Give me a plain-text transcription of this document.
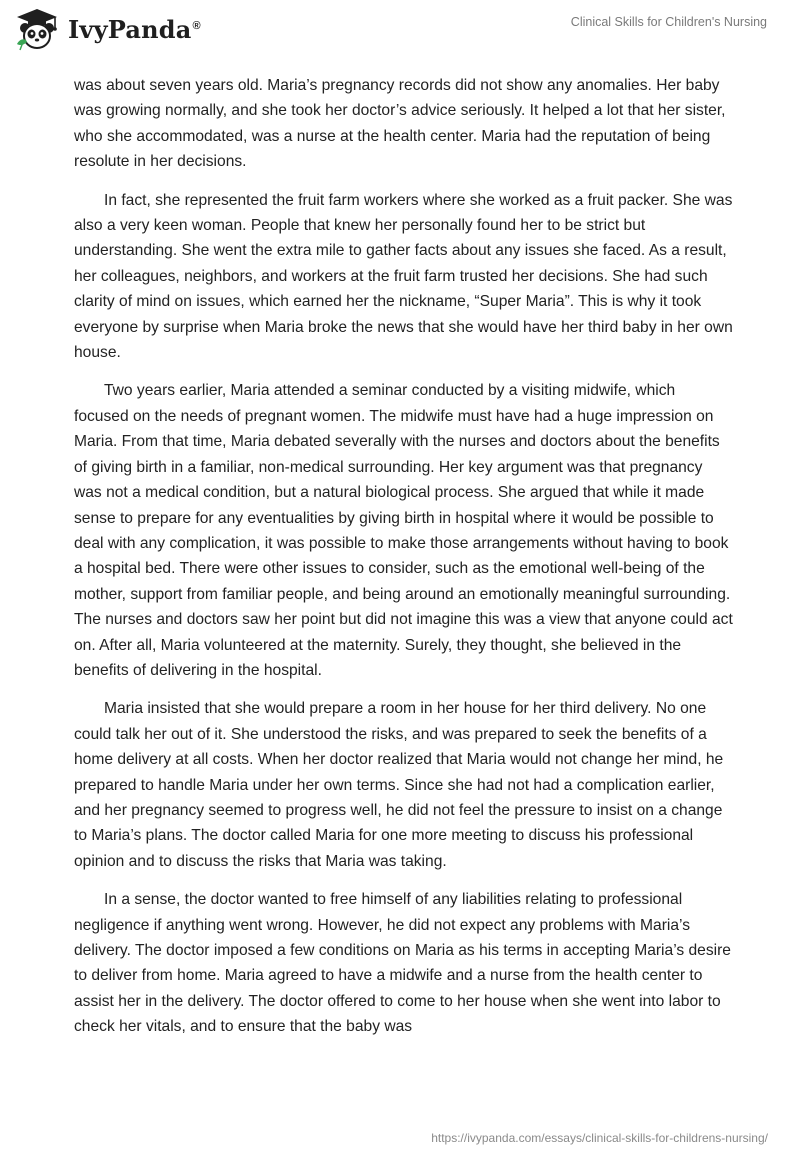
IvyPanda®	Clinical Skills for Children's Nursing

was about seven years old. Maria’s pregnancy records did not show any anomalies. Her baby was growing normally, and she took her doctor’s advice seriously. It helped a lot that her sister, who she accommodated, was a nurse at the health center. Maria had the reputation of being resolute in her decisions.

In fact, she represented the fruit farm workers where she worked as a fruit packer. She was also a very keen woman. People that knew her personally found her to be strict but understanding. She went the extra mile to gather facts about any issues she faced. As a result, her colleagues, neighbors, and workers at the fruit farm trusted her decisions. She had such clarity of mind on issues, which earned her the nickname, “Super Maria”. This is why it took everyone by surprise when Maria broke the news that she would have her third baby in her own house.

Two years earlier, Maria attended a seminar conducted by a visiting midwife, which focused on the needs of pregnant women. The midwife must have had a huge impression on Maria. From that time, Maria debated severally with the nurses and doctors about the benefits of giving birth in a familiar, non-medical surrounding. Her key argument was that pregnancy was not a medical condition, but a natural biological process. She argued that while it made sense to prepare for any eventualities by giving birth in hospital where it would be possible to deal with any complication, it was possible to make those arrangements without having to book a hospital bed. There were other issues to consider, such as the emotional well-being of the mother, support from familiar people, and being around an emotionally meaningful surrounding. The nurses and doctors saw her point but did not imagine this was a view that anyone could act on. After all, Maria volunteered at the maternity. Surely, they thought, she believed in the benefits of delivering in the hospital.

Maria insisted that she would prepare a room in her house for her third delivery. No one could talk her out of it. She understood the risks, and was prepared to seek the benefits of a home delivery at all costs. When her doctor realized that Maria would not change her mind, he prepared to handle Maria under her own terms. Since she had not had a complication earlier, and her pregnancy seemed to progress well, he did not feel the pressure to insist on a change to Maria’s plans. The doctor called Maria for one more meeting to discuss his professional opinion and to discuss the risks that Maria was taking.

In a sense, the doctor wanted to free himself of any liabilities relating to professional negligence if anything went wrong. However, he did not expect any problems with Maria’s delivery. The doctor imposed a few conditions on Maria as his terms in accepting Maria’s desire to deliver from home. Maria agreed to have a midwife and a nurse from the health center to assist her in the delivery. The doctor offered to come to her house when she went into labor to check her vitals, and to ensure that the baby was

https://ivypanda.com/essays/clinical-skills-for-childrens-nursing/
